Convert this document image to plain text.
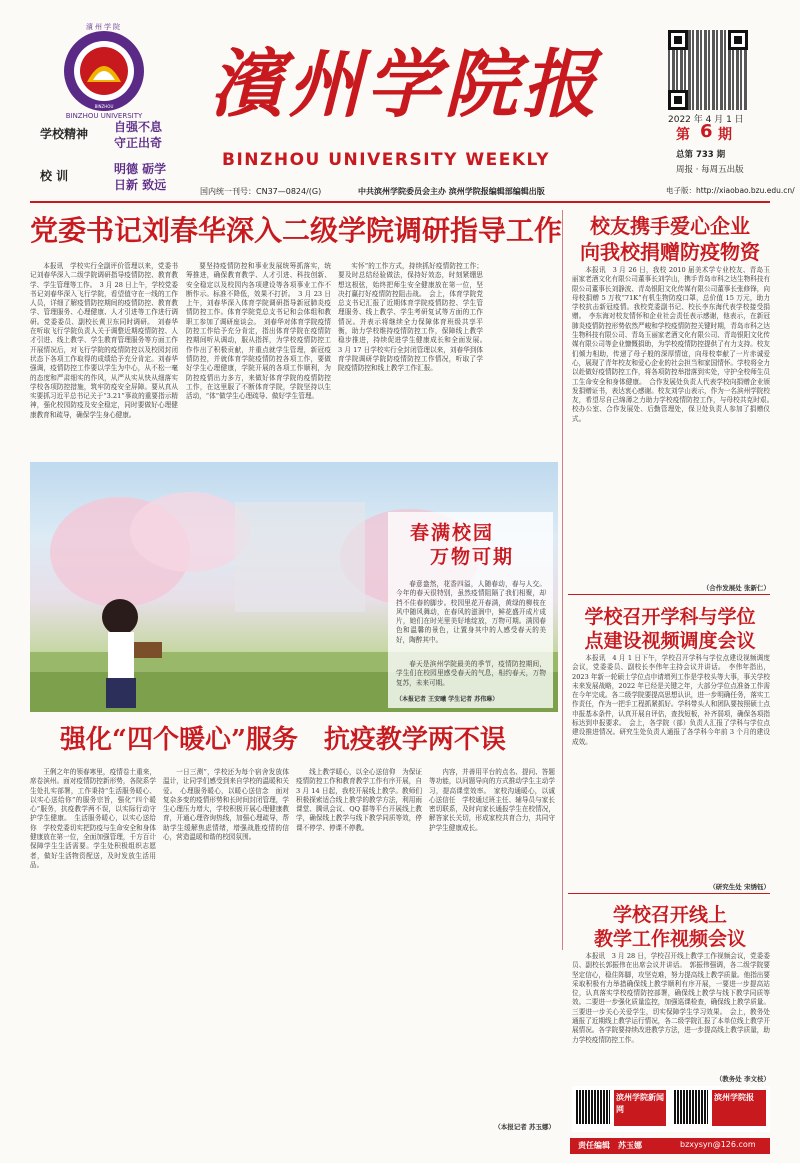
BINZHOU
濱州学院
BINZHOU UNIVERSITY
学校精神 自强不息
守正出奇
校 训	明德 砺学
日新 致远
濱州学院报
BINZHOU UNIVERSITY WEEKLY
国内统一刊号：CN37—0824/(G)	中共滨州学院委员会主办 滨州学院报编辑部编辑出版
2022 年 4 月 1 日
第 6 期
总第 733 期
周报 · 每周五出版
电子版：http://xiaobao.bzu.edu.cn/
党委书记刘春华深入二级学院调研指导工作

本报讯　学校实行全副评价管理以来，党委书记刘春华深入二级学院调研指导疫情防控、教育教学、学生管理等工作。　3 月 28 日上午，学校党委书记刘春华深入飞行学院，看望值守在一线的工作人员，详细了解疫情防控期间的疫情防控、教育教学、管理服务、心理健康、人才引进等工作进行调研。党委委员、副校长黄卫东同时调研。　刘春华在听取飞行学院负责人关于调整近期疫情防控、人才引进、线上教学、学生教育管理服务等方面工作开展情况后，对飞行学院的疫情防控以及校园封闭状态下各项工作取得的成绩给予充分肯定。刘春华强调，疫情防控工作要以学生为中心，从不松一毫的态度和严肃细实的作风，从严从实从快从细落实学校各项防控措施，筑牢防疫安全屏障。要从真从实要抓习近平总书记关于“3.21”事故的重要指示精神，强化校园防疫及安全稳定，同时要做好心理健康教育和疏导，确保学生身心健康。

要坚持疫情防控和事业发展统筹抓落实，统筹推进，确保教育教学、人才引进、科技创新、安全稳定以及校园内各项建设等各项事业工作不断作示。标准不降低，效果不打折。　3 月 23 日上午，刘春华深入体育学院调研指导新冠肺炎疫情防控工作。体育学院党总支书记和会体组和教职工参加了调研座谈会。　刘春华对体育学院疫情防控工作给予充分肯定，指出体育学院在疫情防控期间听从调动，服从指挥，为学校疫情防控工作作出了积极贡献，并重点就学生管理，新冠疫情防控，并就体育学院疫情防控各项工作，要做好学生心理健康，学院开展的各项工作顺利，为防控疫情出力多方，来做好体育学院的疫情防控工作，在这里服了不断体育学院，学院坚持以生活动，“体”做学生心理疏导、做好学生管理。

实怀”的工作方式，持续抓好疫情防控工作；要及时总结经验做法，保持好效态，时刻紧绷思想这根弦，始终把师生安全健康放在第一位，坚决打赢打好疫情防控阻击战。　会上，体育学院党总支书记汇报了近期体育学院疫情防控、学生管理服务、线上教学、学生考研复试等方面的工作情况。并表示将继续全力保障体育班级共享平衡，助力学校维持疫情防控工作，保障线上教学稳步推进，持续促进学生健康成长和全面发展。　3 月 17 日学校实行全封闭管理以来，刘春华到体育学院调研学院防疫情防控工作情况，听取了学院疫情防控和线上教学工作汇报。

校友携手爱心企业
向我校捐赠防疫物资

本报讯　3 月 26 日，我校 2010 届美术学专业校友、青岛玉丽家老酒文化有限公司董事长刘学山，携手青岛市科之达生物科技有限公司董事长刘静波、青岛银阳文化传媒有限公司董事长张修锋，向母校捐赠 5 万枚“71K”有机生物防疫口罩，总价值 15 万元，助力学校抗击新冠疫情。我校党委副书记、校长李东海代表学校接受捐赠。　李东海对校友情怀和企业社会责任表示感谢，他表示，在新冠肺炎疫情防控形势依然严峻和学校疫情防控关键时期，青岛市科之达生物科技有限公司、青岛玉丽家老酒文化有限公司、青岛银阳文化传媒有限公司等企业慷慨捐助，为学校疫情防控提供了有力支持。校友们倾力相助，传递了母子般的深厚情谊，向母校奉献了一片赤诚爱心，展现了青年校友和爱心企业的社会担当和家国情怀。学校将全力以赴做好疫情防控工作，将各项防控举措落到实处，守护全校师生员工生命安全和身体健康。　合作发展处负责人代表学校向捐赠企业颁发捐赠证书，表达衷心感谢。校友刘学山表示，作为一名滨州学院校友，希望尽自己绵薄之力助力学校疫情防控工作，与母校共克时艰。　校办公室、合作发展处、后勤管理处，保卫处负责人参加了捐赠仪式。

（合作发展处 张新仁）
春满校园
万物可期

春意盎然，花香四溢，人随春动，春与人交。今年的春天很特别，虽然疫情阻隔了我们相聚，却挡不住春的脚步。校园里花开春满，黄绿的柳枝在风中随风舞动，在春风的滋润中，鲜花盛开成片成片，她们在时光里美好地绽放，万物可期。满园春色和温馨的景色，让置身其中的人感受春天的美好，陶醉其中。

春天是滨州学院最美的季节，疫情防控期间，学生们在校园里感受春天的气息，相约春天，万物复苏，未来可期。

（本报记者 王安曦 学生记者 苏伟琳）
学校召开学科与学位
点建设视频调度会议

本报讯　4 月 1 日下午，学校召开学科与学位点建设视频调度会议，党委委员、副校长李伟年主持会议并讲话。　李伟年指出，2023 年新一轮硕士学位点申请增列工作是学校头等大事，事关学校未来发展战略，2022 年已经是关键之年，大部分学位点准备工作需在今年完成。各二级学院要提高思想认识，进一步明确任务，落实工作责任，作为一把手工程抓紧抓好。学科带头人和团队要按照硕士点申报基本条件，认真开展自评估，查找短板，补齐弱项，确保各项指标达到申报要求。　会上，各学院（部）负责人汇报了学科与学位点建设推进情况。研究生处负责人通报了各学科今年前 3 个月的建设成效。

（研究生处 宋绣钰）
学校召开线上
教学工作视频会议

本报讯　3 月 28 日，学校召开线上教学工作视频会议，党委委员、副校长郭振伟在出席会议并讲话。　郭振伟强调，各二级学院要坚定信心，稳住阵脚，攻坚克难，努力提高线上教学质量。他指出要采取积极有力举措确保线上教学顺利有序开展，一要进一步提高站位，认真落实学校疫情防控部署，确保线上教学与线下教学同质等效。二要进一步强化质量监控，加强巡课检查，确保线上教学质量。三要进一步关心关爱学生，切实保障学生学习效果。　会上，教务处通报了近期线上教学运行情况，各二级学院汇报了本单位线上教学开展情况。各学院要持续改进教学方法，进一步提高线上教学质量，助力学校疫情防控工作。

（教务处 李文枝）
强化“四个暖心”服务　抗疫教学两不误

王俐之年的领春寒里，疫情卷土重来，席卷滨州。面对疫情防控新形势，各院系学生处扎实部署，工作秉持“生活服务暖心、以实心送给你”的服务宗旨，强化“四个暖心”服务，抗疫教学两不误，以实际行动守护学生健康。　生活服务暖心，以实心送给你　学校党委切实把防疫与生命安全和身体健康放在第一位，全面加强管理，千方百计保障学生生活需要。学生处积极组织志愿者，做好生活物资配送，及时发放生活用品。

一日三测”，学校还为每个宿舍发放体温计，让同学们感受到来自学校的温暖和关爱。　心理服务暖心，以暖心送信念　面对复杂多变的疫情形势和长时间封闭管理，学生心理压力增大，学校积极开展心理健康教育，开通心理咨询热线，加强心理疏导，帮助学生缓解焦虑情绪，增强战胜疫情的信心，营造温暖和谐的校园氛围。

线上教学暖心，以全心送信仰　为保证疫情防控工作和教育教学工作有序开展，自 3 月 14 日起，我校开展线上教学。教师们积极探索适合线上教学的教学方法，利用雨课堂、腾讯会议、QQ 群等平台开展线上教学，确保线上教学与线下教学同质等效，停课不停学、停课不停教。

内容，并善用平台的点名、提问、答题等功能，以问题导向的方式推动学生主动学习，提高课堂效率。　家校沟通暖心，以诚心送信任　学校通过班主任、辅导员与家长密切联系，及时向家长通报学生在校情况，解答家长关切，形成家校共育合力，共同守护学生健康成长。

（本报记者 苏玉娜）
滨州学院新闻网
滨州学院报
责任编辑 苏玉娜	bzxysyn@126.com
